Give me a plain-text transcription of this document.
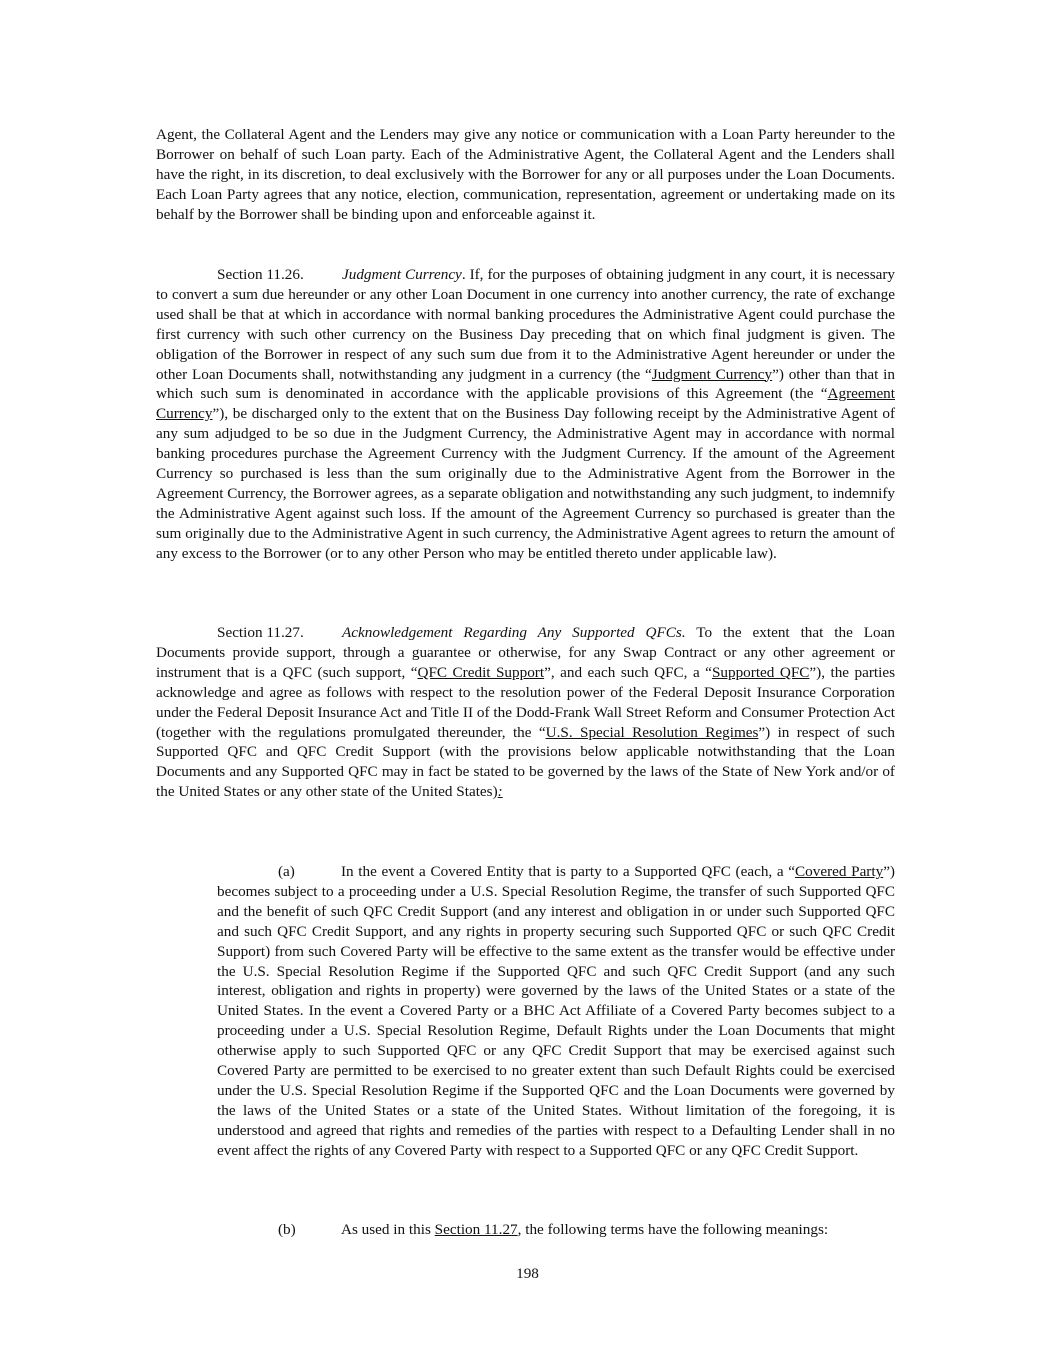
Agent, the Collateral Agent and the Lenders may give any notice or communication with a Loan Party hereunder to the Borrower on behalf of such Loan party. Each of the Administrative Agent, the Collateral Agent and the Lenders shall have the right, in its discretion, to deal exclusively with the Borrower for any or all purposes under the Loan Documents. Each Loan Party agrees that any notice, election, communication, representation, agreement or undertaking made on its behalf by the Borrower shall be binding upon and enforceable against it.

Section 11.26.	Judgment Currency. If, for the purposes of obtaining judgment in any court, it is necessary to convert a sum due hereunder or any other Loan Document in one currency into another currency, the rate of exchange used shall be that at which in accordance with normal banking procedures the Administrative Agent could purchase the first currency with such other currency on the Business Day preceding that on which final judgment is given. The obligation of the Borrower in respect of any such sum due from it to the Administrative Agent hereunder or under the other Loan Documents shall, notwithstanding any judgment in a currency (the “Judgment Currency”) other than that in which such sum is denominated in accordance with the applicable provisions of this Agreement (the “Agreement Currency”), be discharged only to the extent that on the Business Day following receipt by the Administrative Agent of any sum adjudged to be so due in the Judgment Currency, the Administrative Agent may in accordance with normal banking procedures purchase the Agreement Currency with the Judgment Currency. If the amount of the Agreement Currency so purchased is less than the sum originally due to the Administrative Agent from the Borrower in the Agreement Currency, the Borrower agrees, as a separate obligation and notwithstanding any such judgment, to indemnify the Administrative Agent against such loss. If the amount of the Agreement Currency so purchased is greater than the sum originally due to the Administrative Agent in such currency, the Administrative Agent agrees to return the amount of any excess to the Borrower (or to any other Person who may be entitled thereto under applicable law).

Section 11.27.	Acknowledgement Regarding Any Supported QFCs. To the extent that the Loan Documents provide support, through a guarantee or otherwise, for any Swap Contract or any other agreement or instrument that is a QFC (such support, “QFC Credit Support”, and each such QFC, a “Supported QFC”), the parties acknowledge and agree as follows with respect to the resolution power of the Federal Deposit Insurance Corporation under the Federal Deposit Insurance Act and Title II of the Dodd-Frank Wall Street Reform and Consumer Protection Act (together with the regulations promulgated thereunder, the “U.S. Special Resolution Regimes”) in respect of such Supported QFC and QFC Credit Support (with the provisions below applicable notwithstanding that the Loan Documents and any Supported QFC may in fact be stated to be governed by the laws of the State of New York and/or of the United States or any other state of the United States):

(a)	In the event a Covered Entity that is party to a Supported QFC (each, a “Covered Party”) becomes subject to a proceeding under a U.S. Special Resolution Regime, the transfer of such Supported QFC and the benefit of such QFC Credit Support (and any interest and obligation in or under such Supported QFC and such QFC Credit Support, and any rights in property securing such Supported QFC or such QFC Credit Support) from such Covered Party will be effective to the same extent as the transfer would be effective under the U.S. Special Resolution Regime if the Supported QFC and such QFC Credit Support (and any such interest, obligation and rights in property) were governed by the laws of the United States or a state of the United States. In the event a Covered Party or a BHC Act Affiliate of a Covered Party becomes subject to a proceeding under a U.S. Special Resolution Regime, Default Rights under the Loan Documents that might otherwise apply to such Supported QFC or any QFC Credit Support that may be exercised against such Covered Party are permitted to be exercised to no greater extent than such Default Rights could be exercised under the U.S. Special Resolution Regime if the Supported QFC and the Loan Documents were governed by the laws of the United States or a state of the United States. Without limitation of the foregoing, it is understood and agreed that rights and remedies of the parties with respect to a Defaulting Lender shall in no event affect the rights of any Covered Party with respect to a Supported QFC or any QFC Credit Support.

(b)	As used in this Section 11.27, the following terms have the following meanings:

198
